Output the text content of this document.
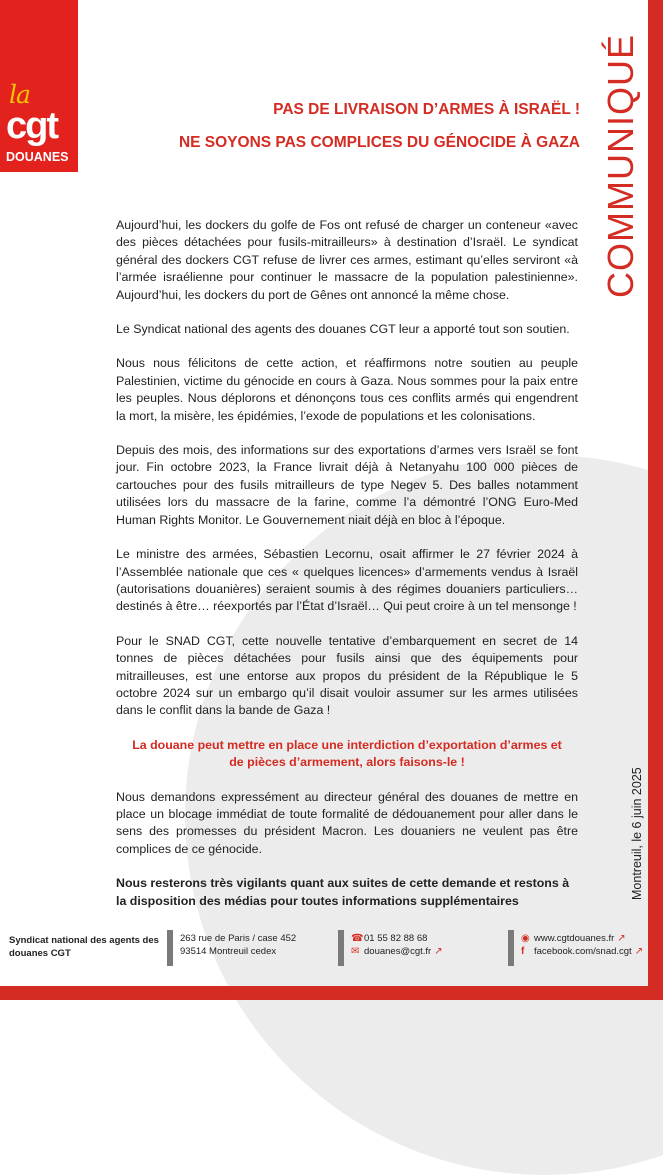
la
cgt
DOUANES	COMMUNIQUÉ
Montreuil, le 6 juin 2025
PAS DE LIVRAISON D’ARMES À ISRAËL !
NE SOYONS PAS COMPLICES DU GÉNOCIDE À GAZA

Aujourd’hui, les dockers du golfe de Fos ont refusé de charger un conteneur «avec des pièces détachées pour fusils-mitrailleurs» à destination d’Israël. Le syndicat général des dockers CGT refuse de livrer ces armes, estimant qu’elles serviront «à l’armée israélienne pour continuer le massacre de la population palestinienne». Aujourd’hui, les dockers du port de Gênes ont annoncé la même chose.

Le Syndicat national des agents des douanes CGT leur a apporté tout son soutien.

Nous nous félicitons de cette action, et réaffirmons notre soutien au peuple Palestinien, victime du génocide en cours à Gaza. Nous sommes pour la paix entre les peuples. Nous déplorons et dénonçons tous ces conflits armés qui engendrent la mort, la misère, les épidémies, l’exode de populations et les colonisations.

Depuis des mois, des informations sur des exportations d’armes vers Israël se font jour. Fin octobre 2023, la France livrait déjà à Netanyahu 100 000 pièces de cartouches pour des fusils mitrailleurs de type Negev 5. Des balles notamment utilisées lors du massacre de la farine, comme l’a démontré l’ONG Euro-Med Human Rights Monitor. Le Gouvernement niait déjà en bloc à l’époque.

Le ministre des armées, Sébastien Lecornu, osait affirmer le 27 février 2024 à l’Assemblée nationale que ces « quelques licences» d’armements vendus à Israël (autorisations douanières) seraient soumis à des régimes douaniers particuliers… destinés à être… réexportés par l’État d’Israël… Qui peut croire à un tel mensonge !

Pour le SNAD CGT, cette nouvelle tentative d’embarquement en secret de 14 tonnes de pièces détachées pour fusils ainsi que des équipements pour mitrailleuses, est une entorse aux propos du président de la République le 5 octobre 2024 sur un embargo qu’il disait vouloir assumer sur les armes utilisées dans le conflit dans la bande de Gaza !

La douane peut mettre en place une interdiction d’exportation d’armes et de pièces d’armement, alors faisons-le !

Nous demandons expressément au directeur général des douanes de mettre en place un blocage immédiat de toute formalité de dédouanement pour aller dans le sens des promesses du président Macron. Les douaniers ne veulent pas être complices de ce génocide.

Nous resterons très vigilants quant aux suites de cette demande et restons à la disposition des médias pour toutes informations supplémentaires

Syndicat national des agents des
douanes CGT
263 rue de Paris / case 452
93514 Montreuil cedex
☎01 55 82 88 68
✉ douanes@cgt.fr ↗
◉ www.cgtdouanes.fr ↗
f facebook.com/snad.cgt ↗
